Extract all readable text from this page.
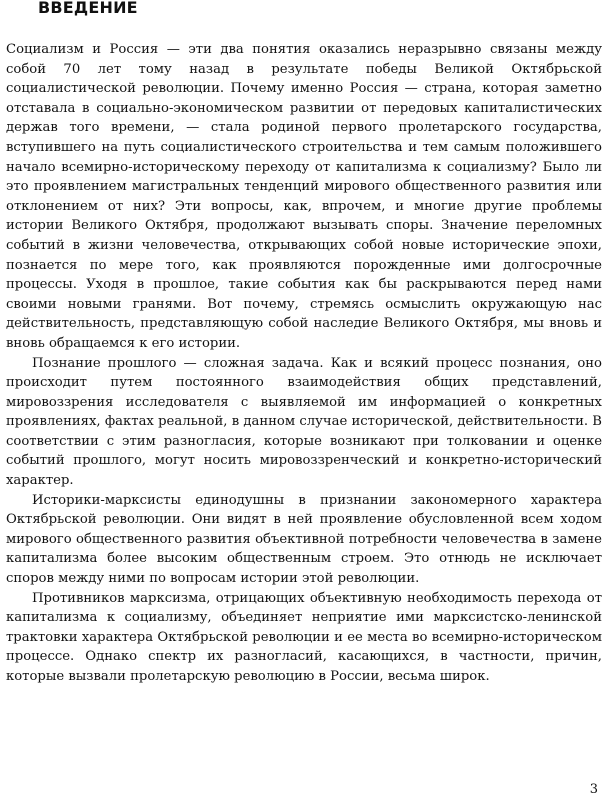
ВВЕДЕНИЕ

Социализм и Россия — эти два понятия оказались неразрывно связаны между собой 70 лет тому назад в результате победы Великой Октябрьской социалистической революции. Почему именно Россия — страна, которая заметно отставала в социально-экономическом развитии от передовых капиталистических держав того времени, — стала родиной первого пролетарского государства, вступившего на путь социалистического строительства и тем самым положившего начало всемирно-историческому переходу от капитализма к социализму? Было ли это проявлением магистральных тенденций мирового общественного развития или отклонением от них? Эти вопросы, как, впрочем, и многие другие проблемы истории Великого Октября, продолжают вызывать споры. Значение переломных событий в жизни человечества, открывающих собой новые исторические эпохи, познается по мере того, как проявляются порожденные ими долгосрочные процессы. Уходя в прошлое, такие события как бы раскрываются перед нами своими новыми гранями. Вот почему, стремясь осмыслить окружающую нас действительность, представляющую собой наследие Великого Октября, мы вновь и вновь обращаемся к его истории.

Познание прошлого — сложная задача. Как и всякий процесс познания, оно происходит путем постоянного взаимодействия общих представлений, мировоззрения исследователя с выявляемой им информацией о конкретных проявлениях, фактах реальной, в данном случае исторической, действительности. В соответствии с этим разногласия, которые возникают при толковании и оценке событий прошлого, могут носить мировоззренческий и конкретно-исторический характер.

Историки-марксисты единодушны в признании закономерного характера Октябрьской революции. Они видят в ней проявление обусловленной всем ходом мирового общественного развития объективной потребности человечества в замене капитализма более высоким общественным строем. Это отнюдь не исключает споров между ними по вопросам истории этой революции.

Противников марксизма, отрицающих объективную необходимость перехода от капитализма к социализму, объединяет неприятие ими марксистско-ленинской трактовки характера Октябрьской революции и ее места во всемирно-историческом процессе. Однако спектр их разногласий, касающихся, в частности, причин, которые вызвали пролетарскую революцию в России, весьма широк.

3
